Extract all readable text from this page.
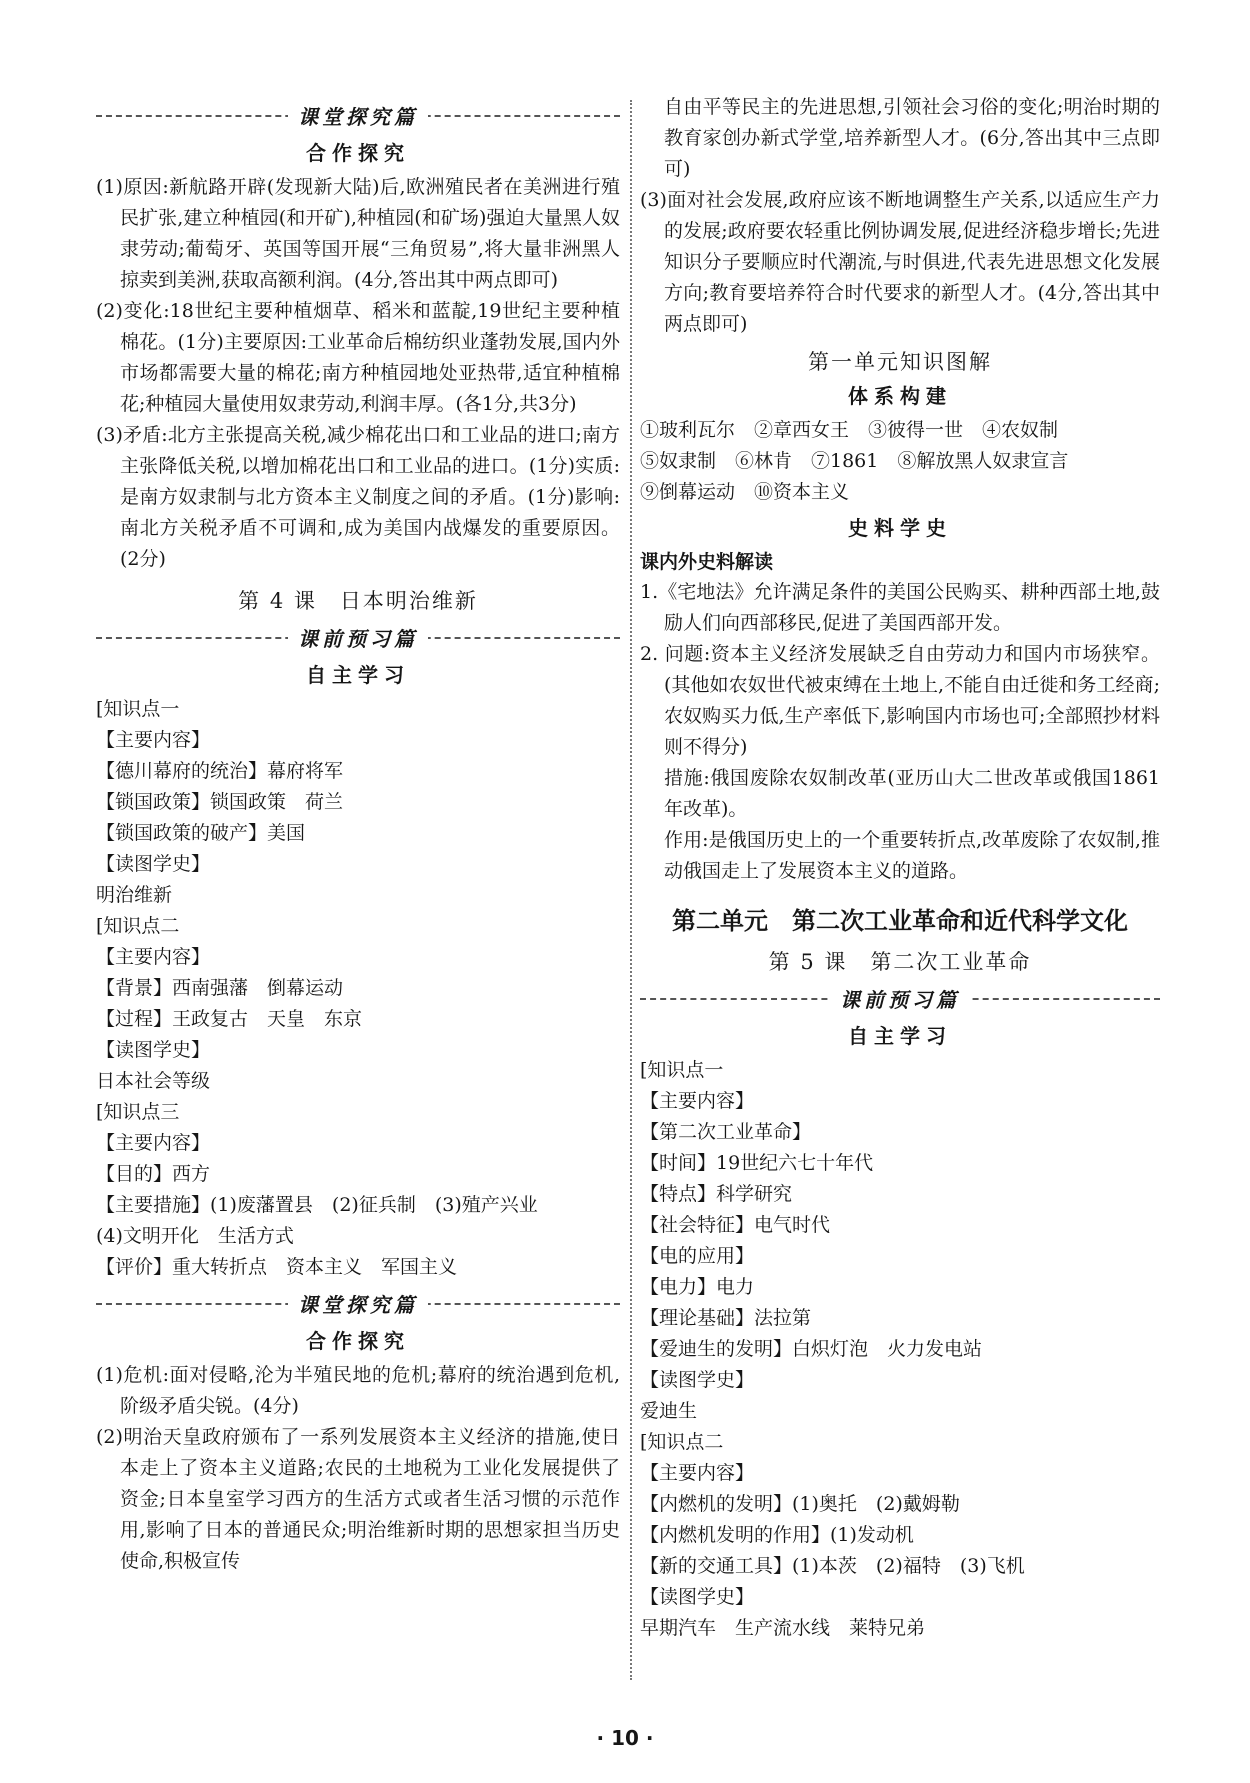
课堂探究篇
合作探究
(1)原因:新航路开辟(发现新大陆)后,欧洲殖民者在美洲进行殖民扩张,建立种植园(和开矿),种植园(和矿场)强迫大量黑人奴隶劳动;葡萄牙、英国等国开展“三角贸易”,将大量非洲黑人掠卖到美洲,获取高额利润。(4分,答出其中两点即可)
(2)变化:18世纪主要种植烟草、稻米和蓝靛,19世纪主要种植棉花。(1分)主要原因:工业革命后棉纺织业蓬勃发展,国内外市场都需要大量的棉花;南方种植园地处亚热带,适宜种植棉花;种植园大量使用奴隶劳动,利润丰厚。(各1分,共3分)
(3)矛盾:北方主张提高关税,减少棉花出口和工业品的进口;南方主张降低关税,以增加棉花出口和工业品的进口。(1分)实质:是南方奴隶制与北方资本主义制度之间的矛盾。(1分)影响:南北方关税矛盾不可调和,成为美国内战爆发的重要原因。(2分)
第 4 课　日本明治维新
课前预习篇
自主学习
[知识点一
【主要内容】
【德川幕府的统治】幕府将军
【锁国政策】锁国政策　荷兰
【锁国政策的破产】美国
【读图学史】
明治维新
[知识点二
【主要内容】
【背景】西南强藩　倒幕运动
【过程】王政复古　天皇　东京
【读图学史】
日本社会等级
[知识点三
【主要内容】
【目的】西方
【主要措施】(1)废藩置县　(2)征兵制　(3)殖产兴业
(4)文明开化　生活方式
【评价】重大转折点　资本主义　军国主义
课堂探究篇
合作探究
(1)危机:面对侵略,沦为半殖民地的危机;幕府的统治遇到危机,阶级矛盾尖锐。(4分)
(2)明治天皇政府颁布了一系列发展资本主义经济的措施,使日本走上了资本主义道路;农民的土地税为工业化发展提供了资金;日本皇室学习西方的生活方式或者生活习惯的示范作用,影响了日本的普通民众;明治维新时期的思想家担当历史使命,积极宣传
自由平等民主的先进思想,引领社会习俗的变化;明治时期的教育家创办新式学堂,培养新型人才。(6分,答出其中三点即可)
(3)面对社会发展,政府应该不断地调整生产关系,以适应生产力的发展;政府要农轻重比例协调发展,促进经济稳步增长;先进知识分子要顺应时代潮流,与时俱进,代表先进思想文化发展方向;教育要培养符合时代要求的新型人才。(4分,答出其中两点即可)
第一单元知识图解
体系构建
①玻利瓦尔　②章西女王　③彼得一世　④农奴制
⑤奴隶制　⑥林肯　⑦1861　⑧解放黑人奴隶宣言
⑨倒幕运动　⑩资本主义
史料学史
课内外史料解读
1.《宅地法》允许满足条件的美国公民购买、耕种西部土地,鼓励人们向西部移民,促进了美国西部开发。
2. 问题:资本主义经济发展缺乏自由劳动力和国内市场狭窄。(其他如农奴世代被束缚在土地上,不能自由迁徙和务工经商;农奴购买力低,生产率低下,影响国内市场也可;全部照抄材料则不得分)
措施:俄国废除农奴制改革(亚历山大二世改革或俄国1861年改革)。
作用:是俄国历史上的一个重要转折点,改革废除了农奴制,推动俄国走上了发展资本主义的道路。
第二单元　第二次工业革命和近代科学文化
第 5 课　第二次工业革命
课前预习篇
自主学习
[知识点一
【主要内容】
【第二次工业革命】
【时间】19世纪六七十年代
【特点】科学研究
【社会特征】电气时代
【电的应用】
【电力】电力
【理论基础】法拉第
【爱迪生的发明】白炽灯泡　火力发电站
【读图学史】
爱迪生
[知识点二
【主要内容】
【内燃机的发明】(1)奥托　(2)戴姆勒
【内燃机发明的作用】(1)发动机
【新的交通工具】(1)本茨　(2)福特　(3)飞机
【读图学史】
早期汽车　生产流水线　莱特兄弟
· 10 ·
